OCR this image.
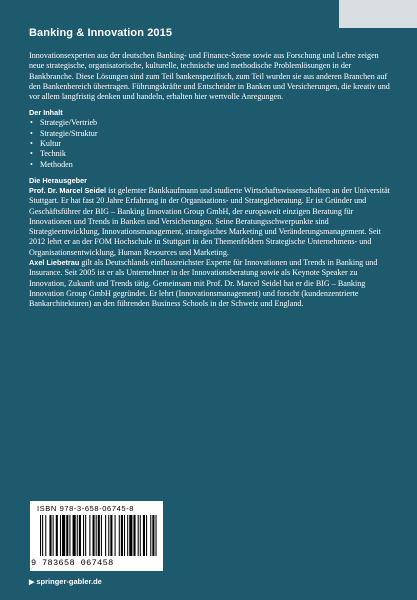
Banking & Innovation 2015

Innovationsexperten aus der deutschen Banking- und Finance-Szene sowie aus Forschung und Lehre zeigen neue strategische, organisatorische, kulturelle, technische und methodische Problemlösungen in der Bankbranche. Diese Lösungen sind zum Teil bankenspezifisch, zum Teil wurden sie aus anderen Branchen auf den Bankenbereich übertragen. Führungskräfte und Entscheider in Banken und Versicherungen, die kreativ und vor allem langfristig denken und handeln, erhalten hier wertvolle Anregungen.

Der Inhalt
• Strategie/Vertrieb
• Strategie/Struktur
• Kultur
• Technik
• Methoden
Die Herausgeber

Prof. Dr. Marcel Seidel ist gelernter Bankkaufmann und studierte Wirtschaftswissenschaften an der Universität Stuttgart. Er hat fast 20 Jahre Erfahrung in der Organisations- und Strategieberatung. Er ist Gründer und Geschäftsführer der BIG – Banking Innovation Group GmbH, der europaweit einzigen Beratung für Innovationen und Trends in Banken und Versicherungen. Seine Beratungsschwerpunkte sind Strategieentwicklung, Innovationsmanagement, strategisches Marketing und Veränderungsmanagement. Seit 2012 lehrt er an der FOM Hochschule in Stuttgart in den Themenfeldern Strategische Unternehmens- und Organisationsentwicklung, Human Resources und Marketing.

Axel Liebetrau gilt als Deutschlands einflussreichster Experte für Innovationen und Trends in Banking und Insurance. Seit 2005 ist er als Unternehmer in der Innovationsberatung sowie als Keynote Speaker zu Innovation, Zukunft und Trends tätig. Gemeinsam mit Prof. Dr. Marcel Seidel hat er die BIG – Banking Innovation Group GmbH gegründet. Er lehrt (Innovationsmanagement) und forscht (kundenzentrierte Bankarchitekturen) an den führenden Business Schools in der Schweiz und England.

ISBN 978-3-658-06745-8
9 783658 067458
▶ springer-gabler.de
